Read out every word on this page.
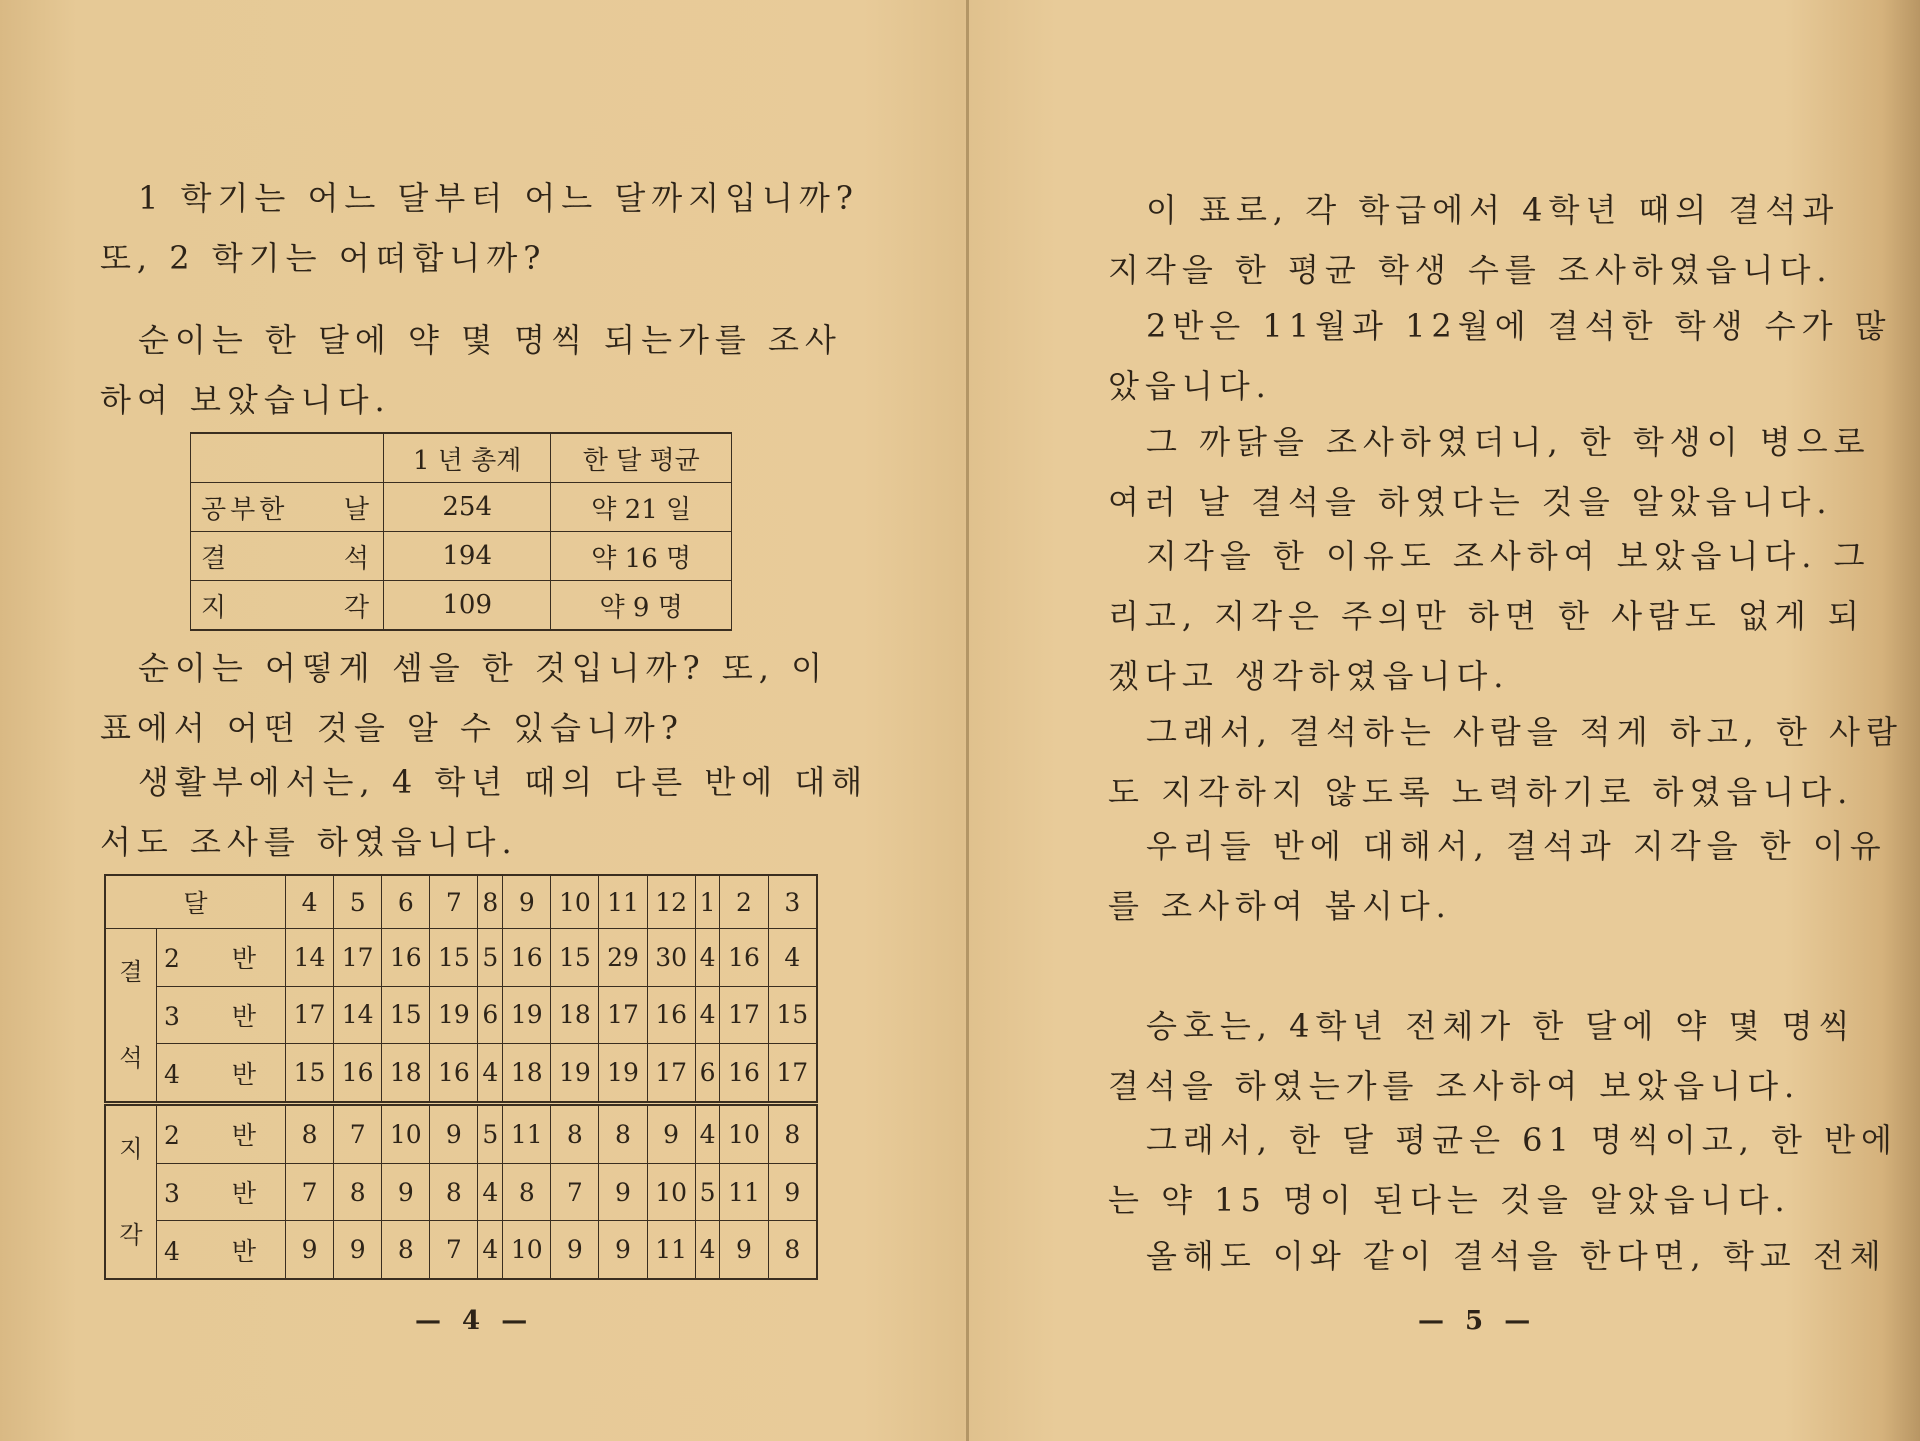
1 학기는 어느 달부터 어느 달까지입니까?
또, 2 학기는 어떠합니까?

순이는 한 달에 약 몇 명씩 되는가를 조사
하여 보았습니다.

	1 년 총계	한 달 평균
공부한 날	254	약 21 일
결 석	194	약 16 명
지 각	109	약 9 명

순이는 어떻게 셈을 한 것입니까? 또, 이
표에서 어떤 것을 알 수 있습니까?

생활부에서는, 4 학년 때의 다른 반에 대해
서도 조사를 하였읍니다.

달		4	5	6	7	8	9	10	11	12	1	2	3

결
석	2 반	14	17	16	15	5	16	15	29	30	4	16	4
	3 반	17	14	15	19	6	19	18	17	16	4	17	15
	4 반	15	16	18	16	4	18	19	19	17	6	16	17

지
각	2 반	8	7	10	9	5	11	8	8	9	4	10	8
	3 반	7	8	9	8	4	8	7	9	10	5	11	9
	4 반	9	9	8	7	4	10	9	9	11	4	9	8
— 4 —

이 표로, 각 학급에서 4학년 때의 결석과
지각을 한 평균 학생 수를 조사하였읍니다.

2반은 11월과 12월에 결석한 학생 수가 많
았읍니다.

그 까닭을 조사하였더니, 한 학생이 병으로
여러 날 결석을 하였다는 것을 알았읍니다.

지각을 한 이유도 조사하여 보았읍니다. 그
리고, 지각은 주의만 하면 한 사람도 없게 되
겠다고 생각하였읍니다.

그래서, 결석하는 사람을 적게 하고, 한 사람
도 지각하지 않도록 노력하기로 하였읍니다.

우리들 반에 대해서, 결석과 지각을 한 이유
를 조사하여 봅시다.

승호는, 4학년 전체가 한 달에 약 몇 명씩
결석을 하였는가를 조사하여 보았읍니다.

그래서, 한 달 평균은 61 명씩이고, 한 반에
는 약 15 명이 된다는 것을 알았읍니다.

올해도 이와 같이 결석을 한다면, 학교 전체

— 5 —
